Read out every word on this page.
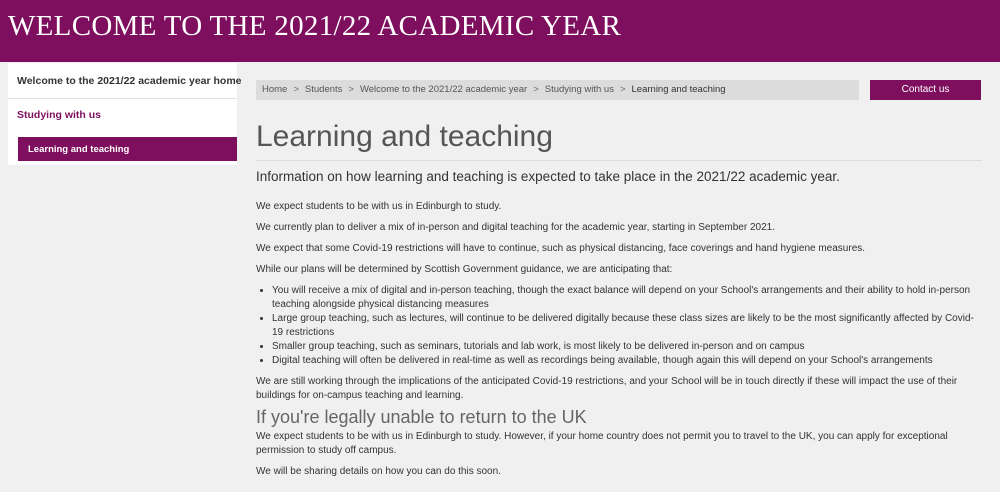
WELCOME TO THE 2021/22 ACADEMIC YEAR
Welcome to the 2021/22 academic year home
Studying with us
Learning and teaching
Home > Students > Welcome to the 2021/22 academic year > Studying with us > Learning and teaching	Contact us
Learning and teaching

Information on how learning and teaching is expected to take place in the 2021/22 academic year.

We expect students to be with us in Edinburgh to study.

We currently plan to deliver a mix of in-person and digital teaching for the academic year, starting in September 2021.

We expect that some Covid-19 restrictions will have to continue, such as physical distancing, face coverings and hand hygiene measures.

While our plans will be determined by Scottish Government guidance, we are anticipating that:

• You will receive a mix of digital and in-person teaching, though the exact balance will depend on your School's arrangements and their ability to hold in-person teaching alongside physical distancing measures
• Large group teaching, such as lectures, will continue to be delivered digitally because these class sizes are likely to be the most significantly affected by Covid-19 restrictions
• Smaller group teaching, such as seminars, tutorials and lab work, is most likely to be delivered in-person and on campus
• Digital teaching will often be delivered in real-time as well as recordings being available, though again this will depend on your School's arrangements

We are still working through the implications of the anticipated Covid-19 restrictions, and your School will be in touch directly if these will impact the use of their buildings for on-campus teaching and learning.

If you're legally unable to return to the UK

We expect students to be with us in Edinburgh to study. However, if your home country does not permit you to travel to the UK, you can apply for exceptional permission to study off campus.

We will be sharing details on how you can do this soon.
